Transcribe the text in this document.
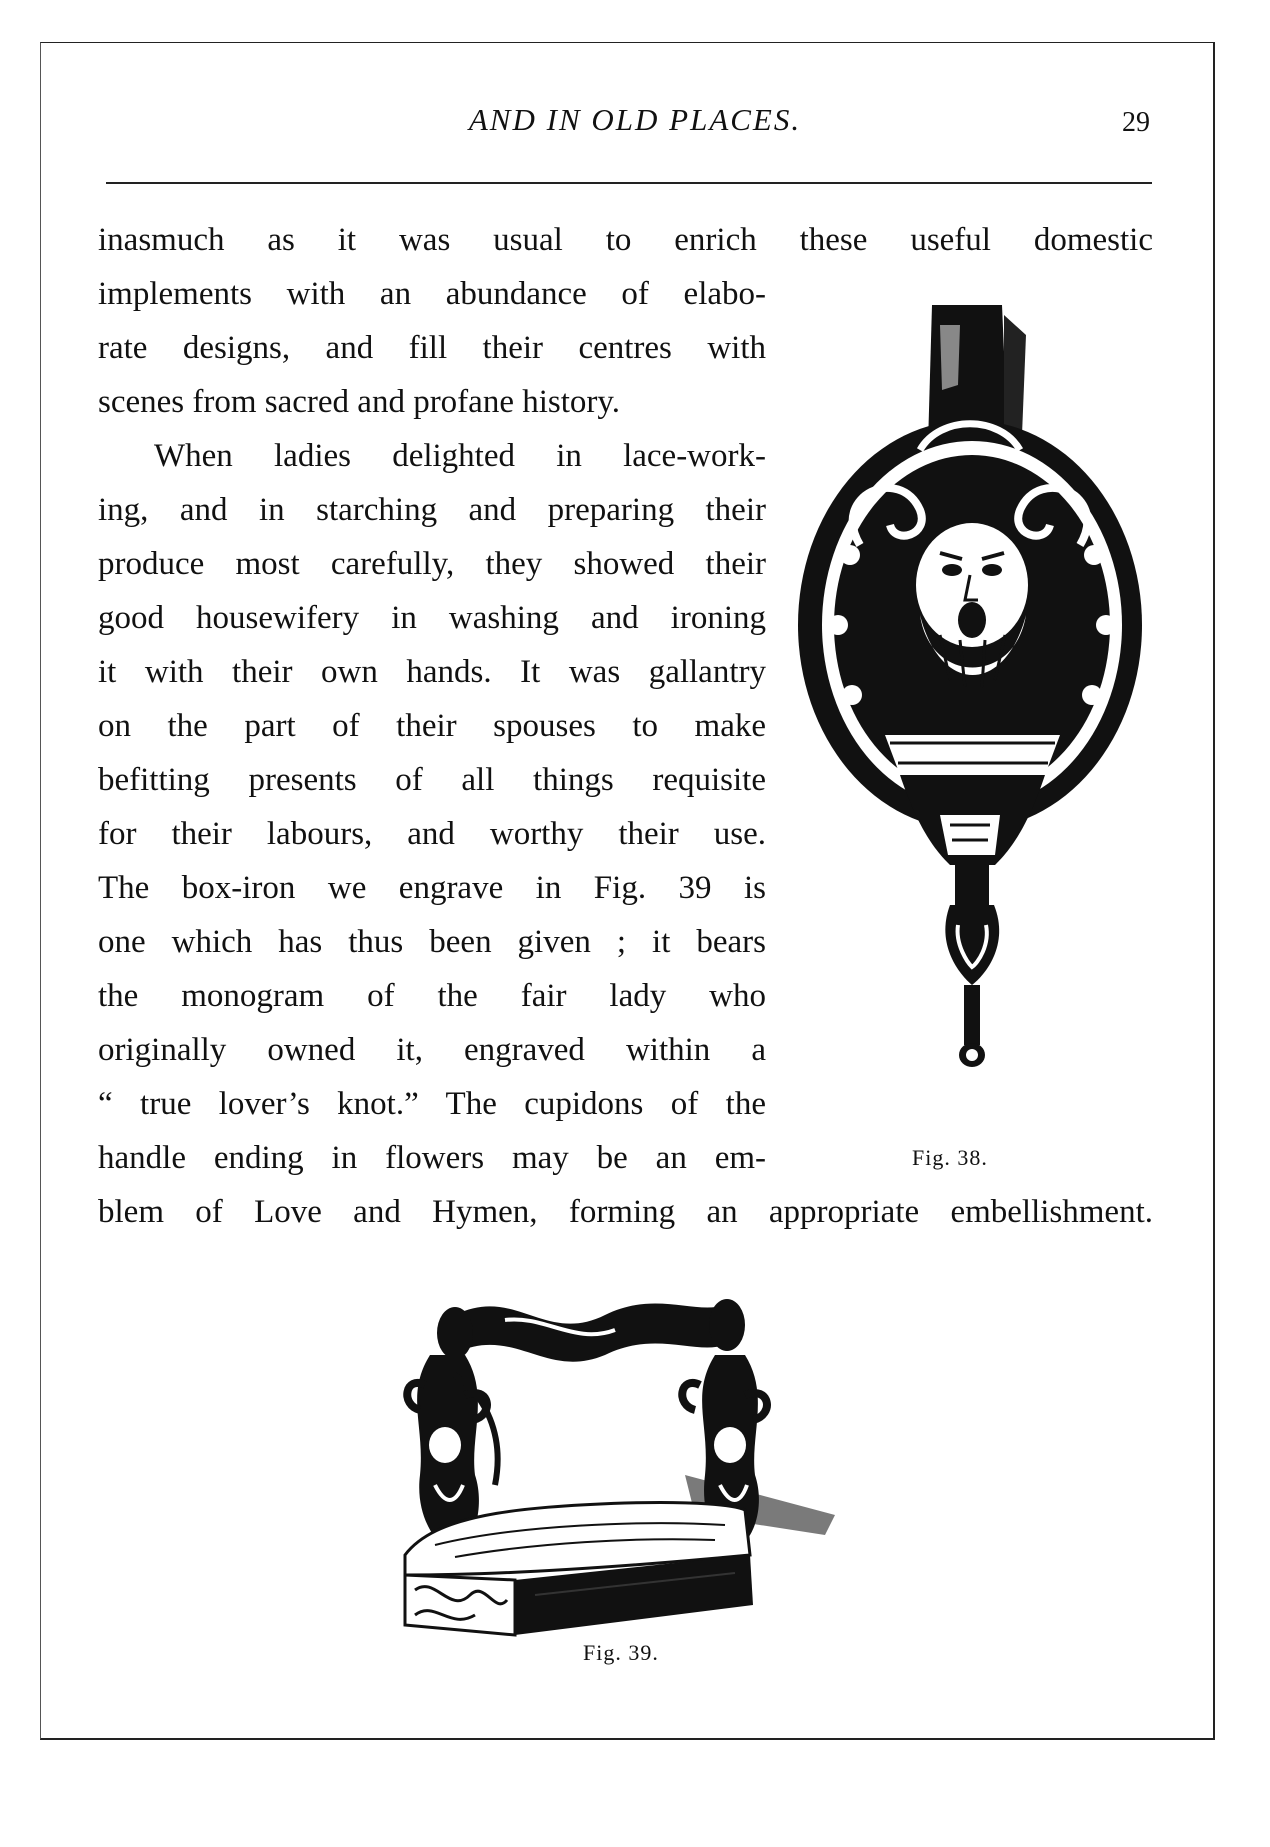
AND IN OLD PLACES.	29
inasmuch as it was usual to enrich these useful domestic
implements with an abundance of elabo-
rate designs, and fill their centres with
scenes from sacred and profane history.
When ladies delighted in lace-work-
ing, and in starching and preparing their
produce most carefully, they showed their
good housewifery in washing and ironing
it with their own hands. It was gallantry
on the part of their spouses to make
befitting presents of all things requisite
for their labours, and worthy their use.
The box-iron we engrave in Fig. 39 is
one which has thus been given ; it bears
the monogram of the fair lady who
originally owned it, engraved within a
“ true lover’s knot.” The cupidons of the
handle ending in flowers may be an em-
blem of Love and Hymen, forming an appropriate embellishment.
Fig. 38.
Fig. 39.
